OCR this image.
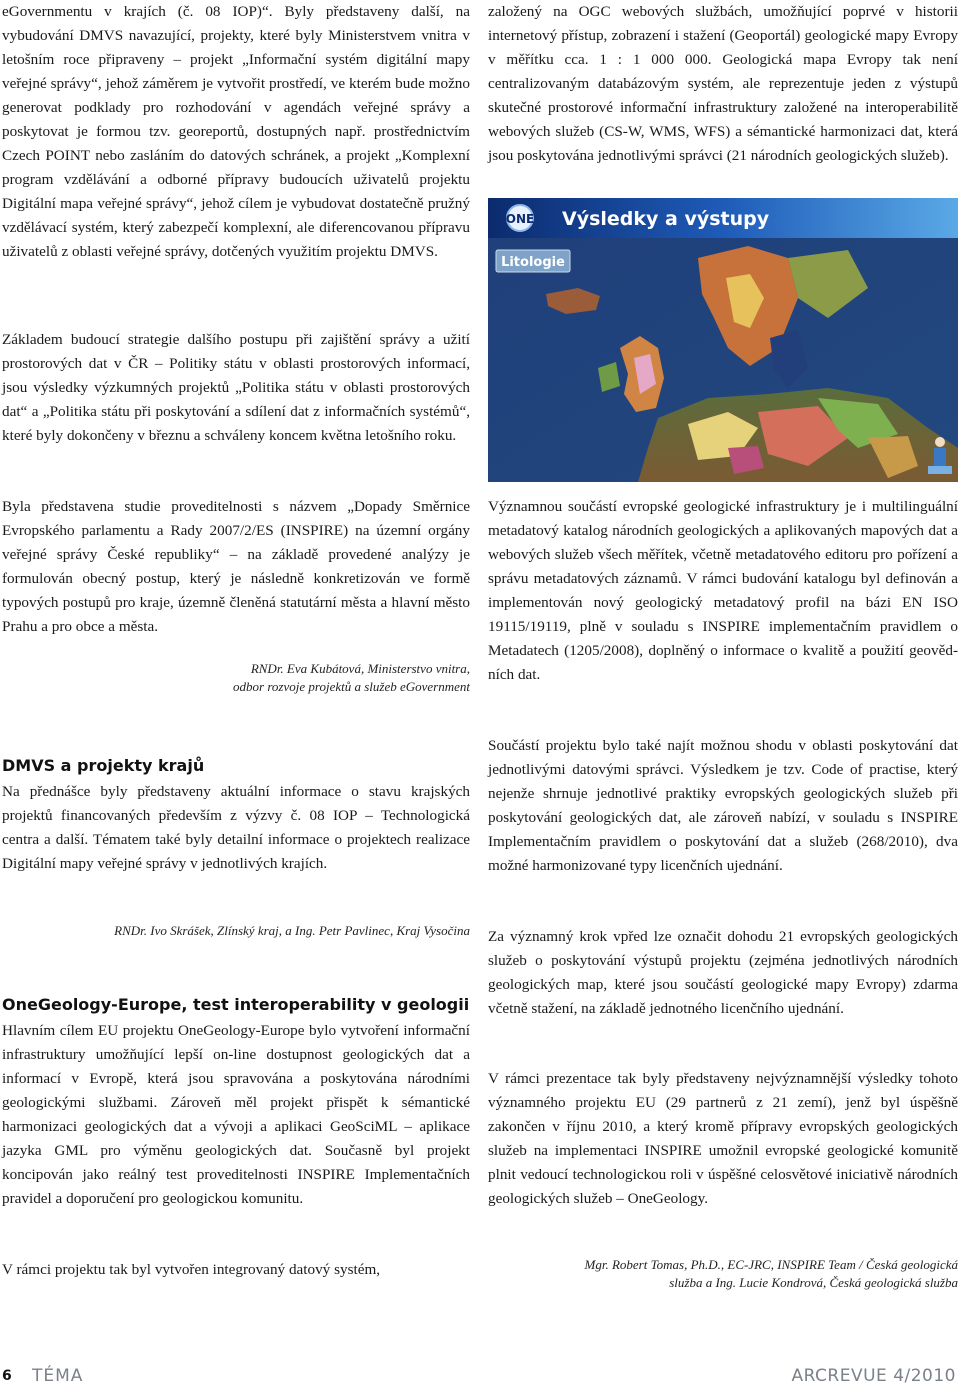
eGovernmentu v krajích (č. 08 IOP)“. Byly představeny další, na vybudování DMVS navazující, projekty, které byly Ministerstvem vnitra v letošním roce připraveny – projekt „Informační systém digitální mapy veřejné správy“, jehož záměrem je vytvořit prostředí, ve kterém bude možno generovat podklady pro rozhodování v agendách veřejné správy a poskytovat je formou tzv. georeportů, dostupných např. prostřednictvím Czech POINT nebo zasláním do datových schránek, a projekt „Komplexní program vzdělávání a odborné přípravy budoucích uživatelů projektu Digitální mapa veřejné správy“, jehož cílem je vybudovat dostatečně pružný vzdělávací systém, který zabezpečí komplexní, ale diferencovanou přípravu uživatelů z oblasti veřejné správy, dotčených využitím projektu DMVS.

Základem budoucí strategie dalšího postupu při zajištění správy a užití prostorových dat v ČR – Politiky státu v oblasti prostorových informací, jsou výsledky výzkumných projektů „Politika státu v oblasti prostorových dat“ a „Politika státu při poskytování a sdílení dat z informačních systémů“, které byly dokončeny v březnu a schváleny koncem května letošního roku.

Byla představena studie proveditelnosti s názvem „Dopady Směrnice Evropského parlamentu a Rady 2007/2/ES (INSPIRE) na územní orgány veřejné správy České republiky“ – na základě provedené analýzy je formulován obecný postup, který je následně konkretizován ve formě typových postupů pro kraje, územně členěná statutární města a hlavní město Prahu a pro obce a města.

RNDr. Eva Kubátová, Ministerstvo vnitra,
odbor rozvoje projektů a služeb eGovernment
DMVS a projekty krajů

Na přednášce byly představeny aktuální informace o stavu krajských projektů financovaných především z výzvy č. 08 IOP – Technologická centra a další. Tématem také byly detailní informace o projektech realizace Digitální mapy veřejné správy v jednotlivých krajích.

RNDr. Ivo Skrášek, Zlínský kraj, a Ing. Petr Pavlinec, Kraj Vysočina
OneGeology-Europe, test interoperability v geologii

Hlavním cílem EU projektu OneGeology-Europe bylo vytvoření informační infrastruktury umožňující lepší on-line dostupnost geologických dat a informací v Evropě, která jsou spravována a poskytována národními geologickými službami. Zároveň měl projekt přispět k sémantické harmonizaci geologických dat a vývoji a aplikaci GeoSciML – aplikace jazyka GML pro výměnu geologických dat. Současně byl projekt koncipován jako reálný test proveditelnosti INSPIRE Implementačních pravidel a doporučení pro geologickou komunitu.

V rámci projektu tak byl vytvořen integrovaný datový systém,

založený na OGC webových službách, umožňující poprvé v historii internetový přístup, zobrazení i stažení (Geoportál) geologické mapy Evropy v měřítku cca. 1 : 1 000 000. Geologická mapa Evropy tak není centralizovaným databázovým systém, ale reprezentuje jeden z výstupů skutečné prostorové informační infrastruktury založené na interoperabilitě webových služeb (CS-W, WMS, WFS) a sémantické harmonizaci dat, která jsou poskytována jednotlivými správci (21 národních geologických služeb).

ONE Výsledky a výstupy
Litologie

Významnou součástí evropské geologické infrastruktury je i multilinguální metadatový katalog národních geologických a aplikovaných mapových dat a webových služeb všech měřítek, včetně metadatového editoru pro pořízení a správu metadatových záznamů. V rámci budování katalogu byl definován a implementován nový geologický metadatový profil na bázi EN ISO 19115/19119, plně v souladu s INSPIRE implementačním pravidlem o Metadatech (1205/2008), doplněný o informace o kvalitě a použití geovědních dat.

Součástí projektu bylo také najít možnou shodu v oblasti poskytování dat jednotlivými datovými správci. Výsledkem je tzv. Code of practise, který nejenže shrnuje jednotlivé praktiky evropských geologických služeb při poskytování geologických dat, ale zároveň nabízí, v souladu s INSPIRE Implementačním pravidlem o poskytování dat a služeb (268/2010), dva možné harmonizované typy licenčních ujednání.

Za významný krok vpřed lze označit dohodu 21 evropských geologických služeb o poskytování výstupů projektu (zejména jednotlivých národních geologických map, které jsou součástí geologické mapy Evropy) zdarma včetně stažení, na základě jednotného licenčního ujednání.

V rámci prezentace tak byly představeny nejvýznamnější výsledky tohoto významného projektu EU (29 partnerů z 21 zemí), jenž byl úspěšně zakončen v říjnu 2010, a který kromě přípravy evropských geologických služeb na implementaci INSPIRE umožnil evropské geologické komunitě plnit vedoucí technologickou roli v úspěšné celosvětové iniciativě národních geologických služeb – OneGeology.

Mgr. Robert Tomas, Ph.D., EC-JRC, INSPIRE Team / Česká geologická
služba a Ing. Lucie Kondrová, Česká geologická služba
6 TÉMA	ARCREVUE 4/2010
